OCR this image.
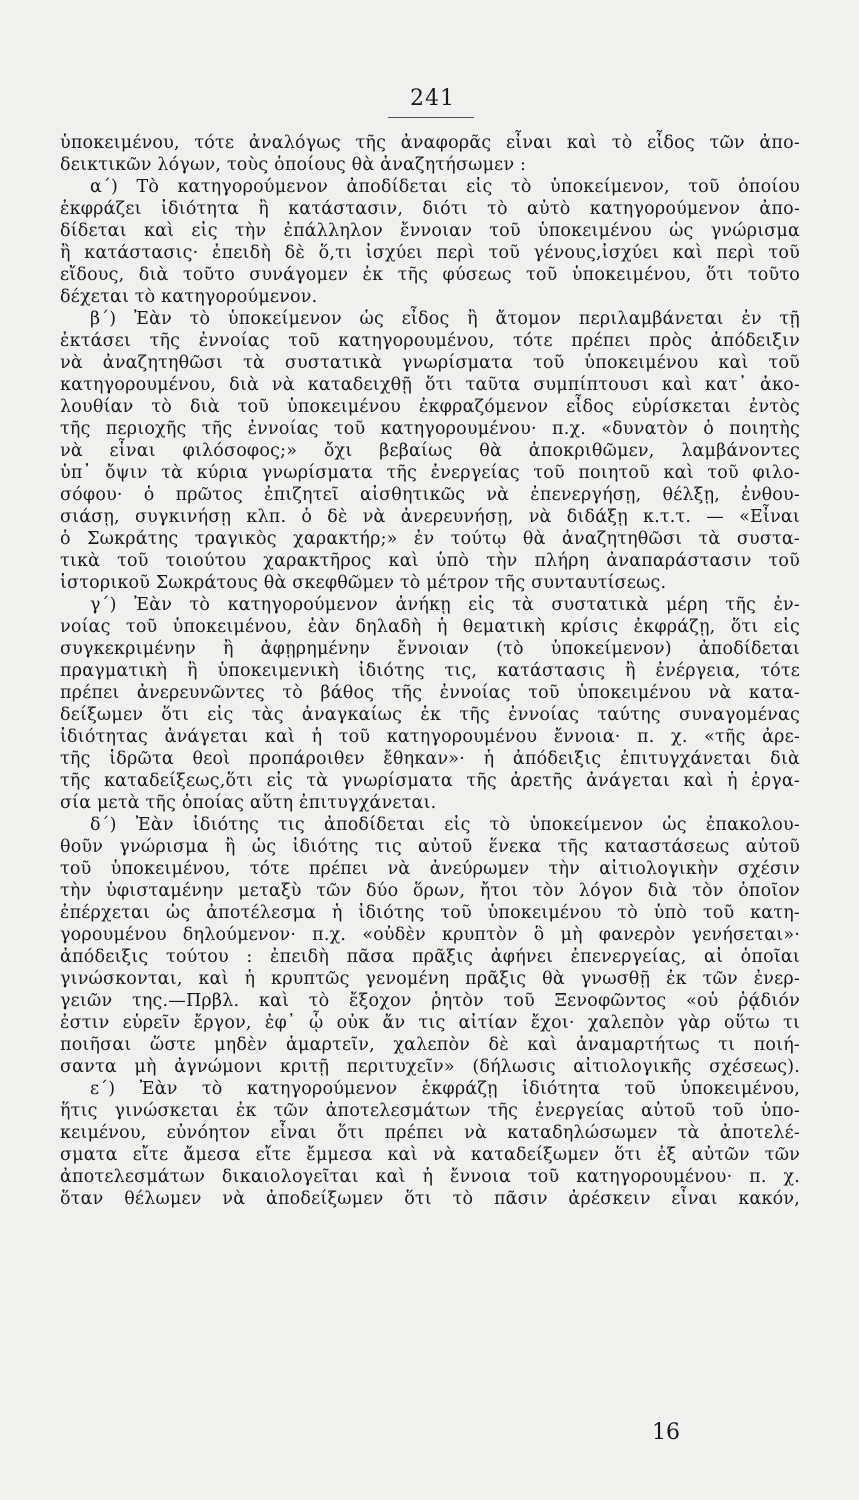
241
ὑποκειμένου, τότε ἀναλόγως τῆς ἀναφορᾶς εἶναι καὶ τὸ εἶδος τῶν ἀπο-
δεικτικῶν λόγων, τοὺς ὁποίους θὰ ἀναζητήσωμεν :
α΄) Τὸ κατηγορούμενον ἀποδίδεται εἰς τὸ ὑποκείμενον, τοῦ ὁποίου
ἐκφράζει ἰδιότητα ἢ κατάστασιν, διότι τὸ αὐτὸ κατηγορούμενον ἀπο-
δίδεται καὶ εἰς τὴν ἐπάλληλον ἔννοιαν τοῦ ὑποκειμένου ὡς γνώρισμα
ἢ κατάστασις· ἐπειδὴ δὲ ὅ,τι ἰσχύει περὶ τοῦ γένους,ἰσχύει καὶ περὶ τοῦ
εἴδους, διὰ τοῦτο συνάγομεν ἐκ τῆς φύσεως τοῦ ὑποκειμένου, ὅτι τοῦτο
δέχεται τὸ κατηγορούμενον.
β΄) Ἐὰν τὸ ὑποκείμενον ὡς εἶδος ἢ ἄτομον περιλαμβάνεται ἐν τῇ
ἐκτάσει τῆς ἐννοίας τοῦ κατηγορουμένου, τότε πρέπει πρὸς ἀπόδειξιν
νὰ ἀναζητηθῶσι τὰ συστατικὰ γνωρίσματα τοῦ ὑποκειμένου καὶ τοῦ
κατηγορουμένου, διὰ νὰ καταδειχθῇ ὅτι ταῦτα συμπίπτουσι καὶ κατ᾽ ἀκο-
λουθίαν τὸ διὰ τοῦ ὑποκειμένου ἐκφραζόμενον εἶδος εὑρίσκεται ἐντὸς
τῆς περιοχῆς τῆς ἐννοίας τοῦ κατηγορουμένου· π.χ. «δυνατὸν ὁ ποιητὴς
νὰ εἶναι φιλόσοφος;» ὄχι βεβαίως θὰ ἀποκριθῶμεν, λαμβάνοντες
ὑπ᾽ ὄψιν τὰ κύρια γνωρίσματα τῆς ἐνεργείας τοῦ ποιητοῦ καὶ τοῦ φιλο-
σόφου· ὁ πρῶτος ἐπιζητεῖ αἰσθητικῶς νὰ ἐπενεργήσῃ, θέλξῃ, ἐνθου-
σιάσῃ, συγκινήσῃ κλπ. ὁ δὲ νὰ ἀνερευνήσῃ, νὰ διδάξῃ κ.τ.τ. — «Εἶναι
ὁ Σωκράτης τραγικὸς χαρακτήρ;» ἐν τούτῳ θὰ ἀναζητηθῶσι τὰ συστα-
τικὰ τοῦ τοιούτου χαρακτῆρος καὶ ὑπὸ τὴν πλήρη ἀναπαράστασιν τοῦ
ἱστορικοῦ Σωκράτους θὰ σκεφθῶμεν τὸ μέτρον τῆς συνταυτίσεως.
γ΄) Ἐὰν τὸ κατηγορούμενον ἀνήκῃ εἰς τὰ συστατικὰ μέρη τῆς ἐν-
νοίας τοῦ ὑποκειμένου, ἐὰν δηλαδὴ ἡ θεματικὴ κρίσις ἐκφράζῃ, ὅτι εἰς
συγκεκριμένην ἢ ἀφῃρημένην ἔννοιαν (τὸ ὑποκείμενον) ἀποδίδεται
πραγματικὴ ἢ ὑποκειμενικὴ ἰδιότης τις, κατάστασις ἢ ἐνέργεια, τότε
πρέπει ἀνερευνῶντες τὸ βάθος τῆς ἐννοίας τοῦ ὑποκειμένου νὰ κατα-
δείξωμεν ὅτι εἰς τὰς ἀναγκαίως ἐκ τῆς ἐννοίας ταύτης συναγομένας
ἰδιότητας ἀνάγεται καὶ ἡ τοῦ κατηγορουμένου ἔννοια· π. χ. «τῆς ἀρε-
τῆς ἱδρῶτα θεοὶ προπάροιθεν ἔθηκαν»· ἡ ἀπόδειξις ἐπιτυγχάνεται διὰ
τῆς καταδείξεως,ὅτι εἰς τὰ γνωρίσματα τῆς ἀρετῆς ἀνάγεται καὶ ἡ ἐργα-
σία μετὰ τῆς ὁποίας αὕτη ἐπιτυγχάνεται.
δ΄) Ἐὰν ἰδιότης τις ἀποδίδεται εἰς τὸ ὑποκείμενον ὡς ἐπακολου-
θοῦν γνώρισμα ἢ ὡς ἰδιότης τις αὐτοῦ ἕνεκα τῆς καταστάσεως αὐτοῦ
τοῦ ὑποκειμένου, τότε πρέπει νὰ ἀνεύρωμεν τὴν αἰτιολογικὴν σχέσιν
τὴν ὑφισταμένην μεταξὺ τῶν δύο ὅρων, ἤτοι τὸν λόγον διὰ τὸν ὁποῖον
ἐπέρχεται ὡς ἀποτέλεσμα ἡ ἰδιότης τοῦ ὑποκειμένου τὸ ὑπὸ τοῦ κατη-
γορουμένου δηλούμενον· π.χ. «οὐδὲν κρυπτὸν ὃ μὴ φανερὸν γενήσεται»·
ἀπόδειξις τούτου : ἐπειδὴ πᾶσα πρᾶξις ἀφήνει ἐπενεργείας, αἱ ὁποῖαι
γινώσκονται, καὶ ἡ κρυπτῶς γενομένη πρᾶξις θὰ γνωσθῇ ἐκ τῶν ἐνερ-
γειῶν της.—Πρβλ. καὶ τὸ ἔξοχον ῥητὸν τοῦ Ξενοφῶντος «οὐ ῥᾴδιόν
ἐστιν εὑρεῖν ἔργον, ἐφ᾽ ᾧ οὐκ ἄν τις αἰτίαν ἔχοι· χαλεπὸν γὰρ οὕτω τι
ποιῆσαι ὥστε μηδὲν ἁμαρτεῖν, χαλεπὸν δὲ καὶ ἀναμαρτήτως τι ποιή-
σαντα μὴ ἀγνώμονι κριτῇ περιτυχεῖν» (δήλωσις αἰτιολογικῆς σχέσεως).
ε΄) Ἐὰν τὸ κατηγορούμενον ἐκφράζῃ ἰδιότητα τοῦ ὑποκειμένου,
ἥτις γινώσκεται ἐκ τῶν ἀποτελεσμάτων τῆς ἐνεργείας αὐτοῦ τοῦ ὑπο-
κειμένου, εὐνόητον εἶναι ὅτι πρέπει νὰ καταδηλώσωμεν τὰ ἀποτελέ-
σματα εἴτε ἄμεσα εἴτε ἔμμεσα καὶ νὰ καταδείξωμεν ὅτι ἐξ αὐτῶν τῶν
ἀποτελεσμάτων δικαιολογεῖται καὶ ἡ ἔννοια τοῦ κατηγορουμένου· π. χ.
ὅταν θέλωμεν νὰ ἀποδείξωμεν ὅτι τὸ πᾶσιν ἀρέσκειν εἶναι κακόν,
16
